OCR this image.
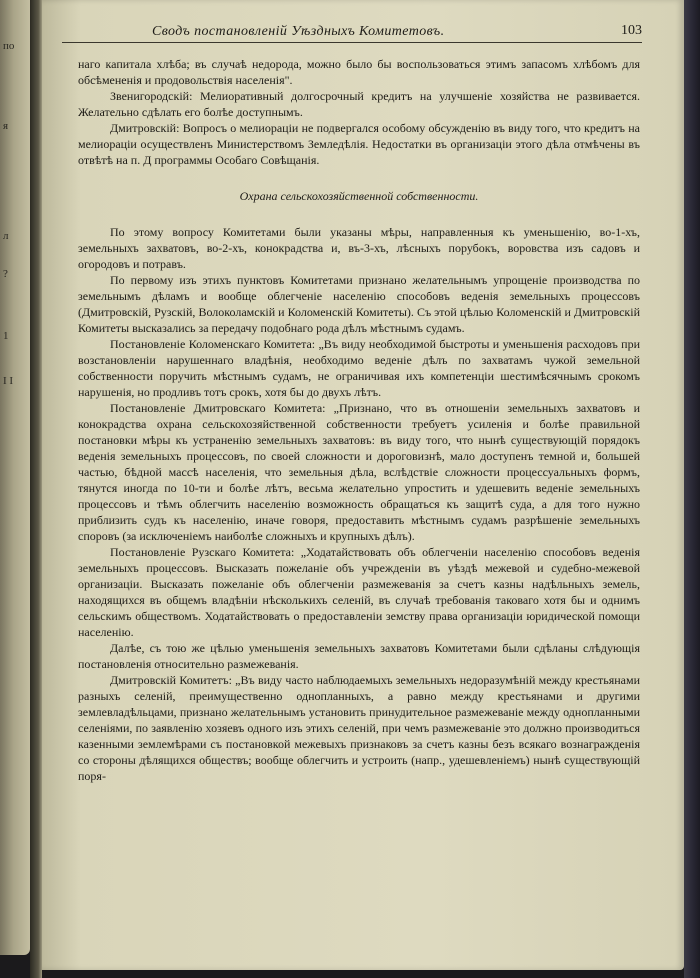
по
я
л
?
1
I I
Сводъ постановленій Уѣздныхъ Комитетовъ.	103

наго капитала хлѣба; въ случаѣ недорода, можно было бы воспользоваться этимъ запасомъ хлѣбомъ для обсѣмененія и продовольствія населенія".

Звенигородскій: Мелиоративный долгосрочный кредитъ на улучшеніе хозяйства не развивается. Желательно сдѣлать его болѣе доступнымъ.

Дмитровскій: Вопросъ о мелиораціи не подвергался особому обсужденію въ виду того, что кредитъ на мелиораціи осуществленъ Министерствомъ Земледѣлія. Недостатки въ организаціи этого дѣла отмѣчены въ отвѣтѣ на п. Д программы Особаго Совѣщанія.

Охрана сельскохозяйственной собственности.

По этому вопросу Комитетами были указаны мѣры, направленныя къ уменьшенію, во-1-хъ, земельныхъ захватовъ, во-2-хъ, конокрадства и, въ-3-хъ, лѣсныхъ порубокъ, воровства изъ садовъ и огородовъ и потравъ.

По первому изъ этихъ пунктовъ Комитетами признано желательнымъ упрощеніе производства по земельнымъ дѣламъ и вообще облегченіе населенію способовъ веденія земельныхъ процессовъ (Дмитровскій, Рузскій, Волоколамскій и Коломенскій Комитеты). Съ этой цѣлью Коломенскій и Дмитровскій Комитеты высказались за передачу подобнаго рода дѣлъ мѣстнымъ судамъ.

Постановленіе Коломенскаго Комитета: „Въ виду необходимой быстроты и уменьшенія расходовъ при возстановленіи нарушеннаго владѣнія, необходимо веденіе дѣлъ по захватамъ чужой земельной собственности поручить мѣстнымъ судамъ, не ограничивая ихъ компетенціи шестимѣсячнымъ срокомъ нарушенія, но продливъ тотъ срокъ, хотя бы до двухъ лѣтъ.

Постановленіе Дмитровскаго Комитета: „Признано, что въ отношеніи земельныхъ захватовъ и конокрадства охрана сельскохозяйственной собственности требуетъ усиленія и болѣе правильной постановки мѣры къ устраненію земельныхъ захватовъ: въ виду того, что нынѣ существующій порядокъ веденія земельныхъ процессовъ, по своей сложности и дороговизнѣ, мало доступенъ темной и, большей частью, бѣдной массѣ населенія, что земельныя дѣла, вслѣдствіе сложности процессуальныхъ формъ, тянутся иногда по 10-ти и болѣе лѣтъ, весьма желательно упростить и удешевить веденіе земельныхъ процессовъ и тѣмъ облегчить населенію возможность обращаться къ защитѣ суда, а для того нужно приблизить судъ къ населенію, иначе говоря, предоставить мѣстнымъ судамъ разрѣшеніе земельныхъ споровъ (за исключеніемъ наиболѣе сложныхъ и крупныхъ дѣлъ).

Постановленіе Рузскаго Комитета: „Ходатайствовать объ облегченіи населенію способовъ веденія земельныхъ процессовъ. Высказать пожеланіе объ учрежденіи въ уѣздѣ межевой и судебно-межевой организаціи. Высказать пожеланіе объ облегченіи размежеванія за счетъ казны надѣльныхъ земель, находящихся въ общемъ владѣніи нѣсколькихъ селеній, въ случаѣ требованія таковаго хотя бы и однимъ сельскимъ обществомъ. Ходатайствовать о предоставленіи земству права организаціи юридической помощи населенію.

Далѣе, съ тою же цѣлью уменьшенія земельныхъ захватовъ Комитетами были сдѣланы слѣдующія постановленія относительно размежеванія.

Дмитровскій Комитетъ: „Въ виду часто наблюдаемыхъ земельныхъ недоразумѣній между крестьянами разныхъ селеній, преимущественно однопланныхъ, а равно между крестьянами и другими землевладѣльцами, признано желательнымъ установить принудительное размежеваніе между однопланными селеніями, по заявленію хозяевъ одного изъ этихъ селеній, при чемъ размежеваніе это должно производиться казенными землемѣрами съ постановкой межевыхъ признаковъ за счетъ казны безъ всякаго вознагражденія со стороны дѣлящихся обществъ; вообще облегчить и устроить (напр., удешевленіемъ) нынѣ существующій поря-
